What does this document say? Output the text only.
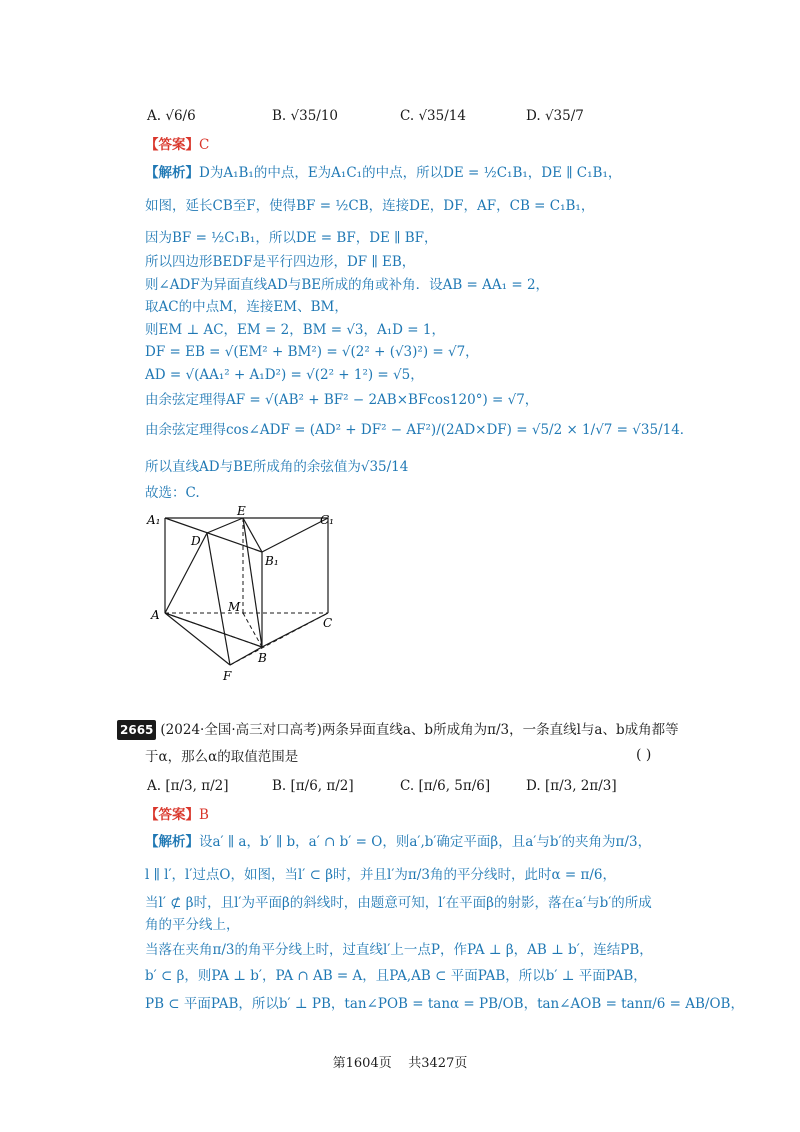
A. √6/6	B. √35/10	C. √35/14	D. √35/7
【答案】C
【解析】D为A₁B₁的中点，E为A₁C₁的中点，所以DE = ½C₁B₁，DE ∥ C₁B₁，
如图，延长CB至F，使得BF = ½CB，连接DE，DF，AF，CB = C₁B₁，
因为BF = ½C₁B₁，所以DE = BF，DE ∥ BF，
所以四边形BEDF是平行四边形，DF ∥ EB，
则∠ADF为异面直线AD与BE所成的角或补角．设AB = AA₁ = 2，
取AC的中点M，连接EM、BM，
则EM ⊥ AC，EM = 2，BM = √3，A₁D = 1，
DF = EB = √(EM² + BM²) = √(2² + (√3)²) = √7，
AD = √(AA₁² + A₁D²) = √(2² + 1²) = √5，
由余弦定理得AF = √(AB² + BF² − 2AB×BFcos120°) = √7，
由余弦定理得cos∠ADF = (AD² + DF² − AF²)/(2AD×DF) = √5/2 × 1/√7 = √35/14．
所以直线AD与BE所成角的余弦值为√35/14
故选：C.
A₁
E
C₁
D
B₁
M
A
C
B
F
2665 (2024·全国·高三对口高考)两条异面直线a、b所成角为π/3，一条直线l与a、b成角都等
于α，那么α的取值范围是	( )
A. [π/3, π/2]	B. [π/6, π/2]	C. [π/6, 5π/6]	D. [π/3, 2π/3]
【答案】B
【解析】设a′ ∥ a，b′ ∥ b，a′ ∩ b′ = O，则a′,b′确定平面β，且a′与b′的夹角为π/3，
l ∥ l′，l′过点O，如图，当l′ ⊂ β时，并且l′为π/3角的平分线时，此时α = π/6，
当l′ ⊄ β时，且l′为平面β的斜线时，由题意可知，l′在平面β的射影，落在a′与b′的所成
角的平分线上，
当落在夹角π/3的角平分线上时，过直线l′上一点P，作PA ⊥ β，AB ⊥ b′，连结PB，
b′ ⊂ β，则PA ⊥ b′，PA ∩ AB = A，且PA,AB ⊂ 平面PAB，所以b′ ⊥ 平面PAB，
PB ⊂ 平面PAB，所以b′ ⊥ PB，tan∠POB = tanα = PB/OB，tan∠AOB = tanπ/6 = AB/OB，
第1604页 共3427页
